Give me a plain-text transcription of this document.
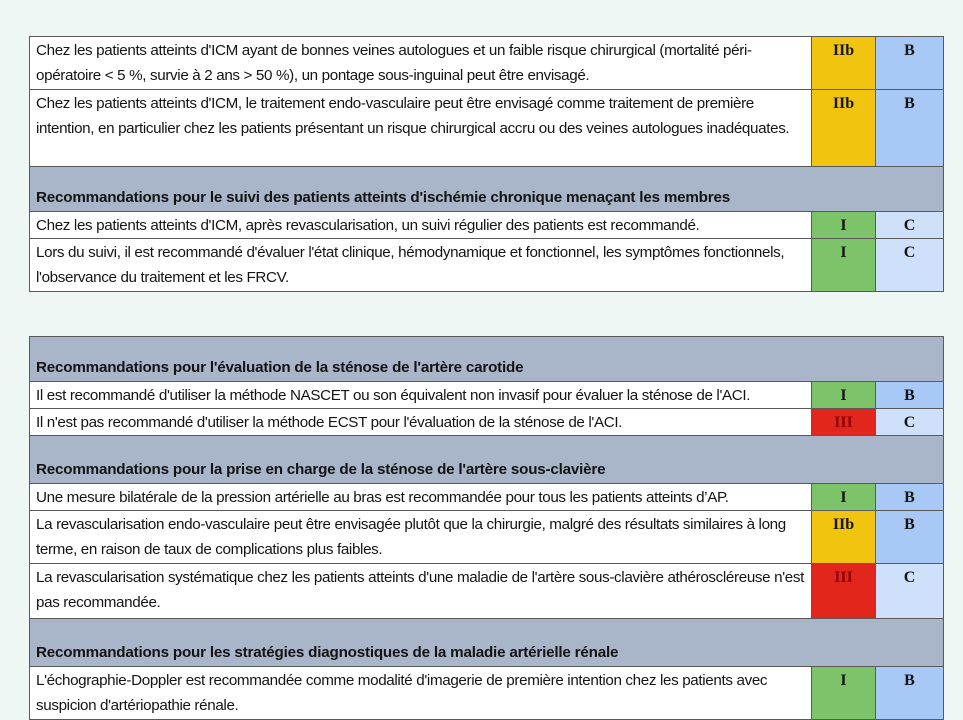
Chez les patients atteints d'ICM ayant de bonnes veines autologues et un faible risque chirurgical (mortalité péri-opératoire < 5 %, survie à 2 ans > 50 %), un pontage sous-inguinal peut être envisagé.	IIb	B
Chez les patients atteints d'ICM, le traitement endo-vasculaire peut être envisagé comme traitement de première intention, en particulier chez les patients présentant un risque chirurgical accru ou des veines autologues inadéquates.	IIb	B
Recommandations pour le suivi des patients atteints d'ischémie chronique menaçant les membres		
Chez les patients atteints d'ICM, après revascularisation, un suivi régulier des patients est recommandé.	I	C
Lors du suivi, il est recommandé d'évaluer l'état clinique, hémodynamique et fonctionnel, les symptômes fonctionnels, l'observance du traitement et les FRCV.	I	C
Recommandations pour l'évaluation de la sténose de l'artère carotide		
Il est recommandé d'utiliser la méthode NASCET ou son équivalent non invasif pour évaluer la sténose de l'ACI.	I	B
Il n'est pas recommandé d'utiliser la méthode ECST pour l'évaluation de la sténose de l'ACI.	III	C
Recommandations pour la prise en charge de la sténose de l'artère sous-clavière		
Une mesure bilatérale de la pression artérielle au bras est recommandée pour tous les patients atteints d’AP.	I	B
La revascularisation endo-vasculaire peut être envisagée plutôt que la chirurgie, malgré des résultats similaires à long terme, en raison de taux de complications plus faibles.	IIb	B
La revascularisation systématique chez les patients atteints d'une maladie de l'artère sous-clavière athéroscléreuse n'est pas recommandée.	III	C
Recommandations pour les stratégies diagnostiques de la maladie artérielle rénale		
L'échographie-Doppler est recommandée comme modalité d'imagerie de première intention chez les patients avec suspicion d'artériopathie rénale.	I	B
